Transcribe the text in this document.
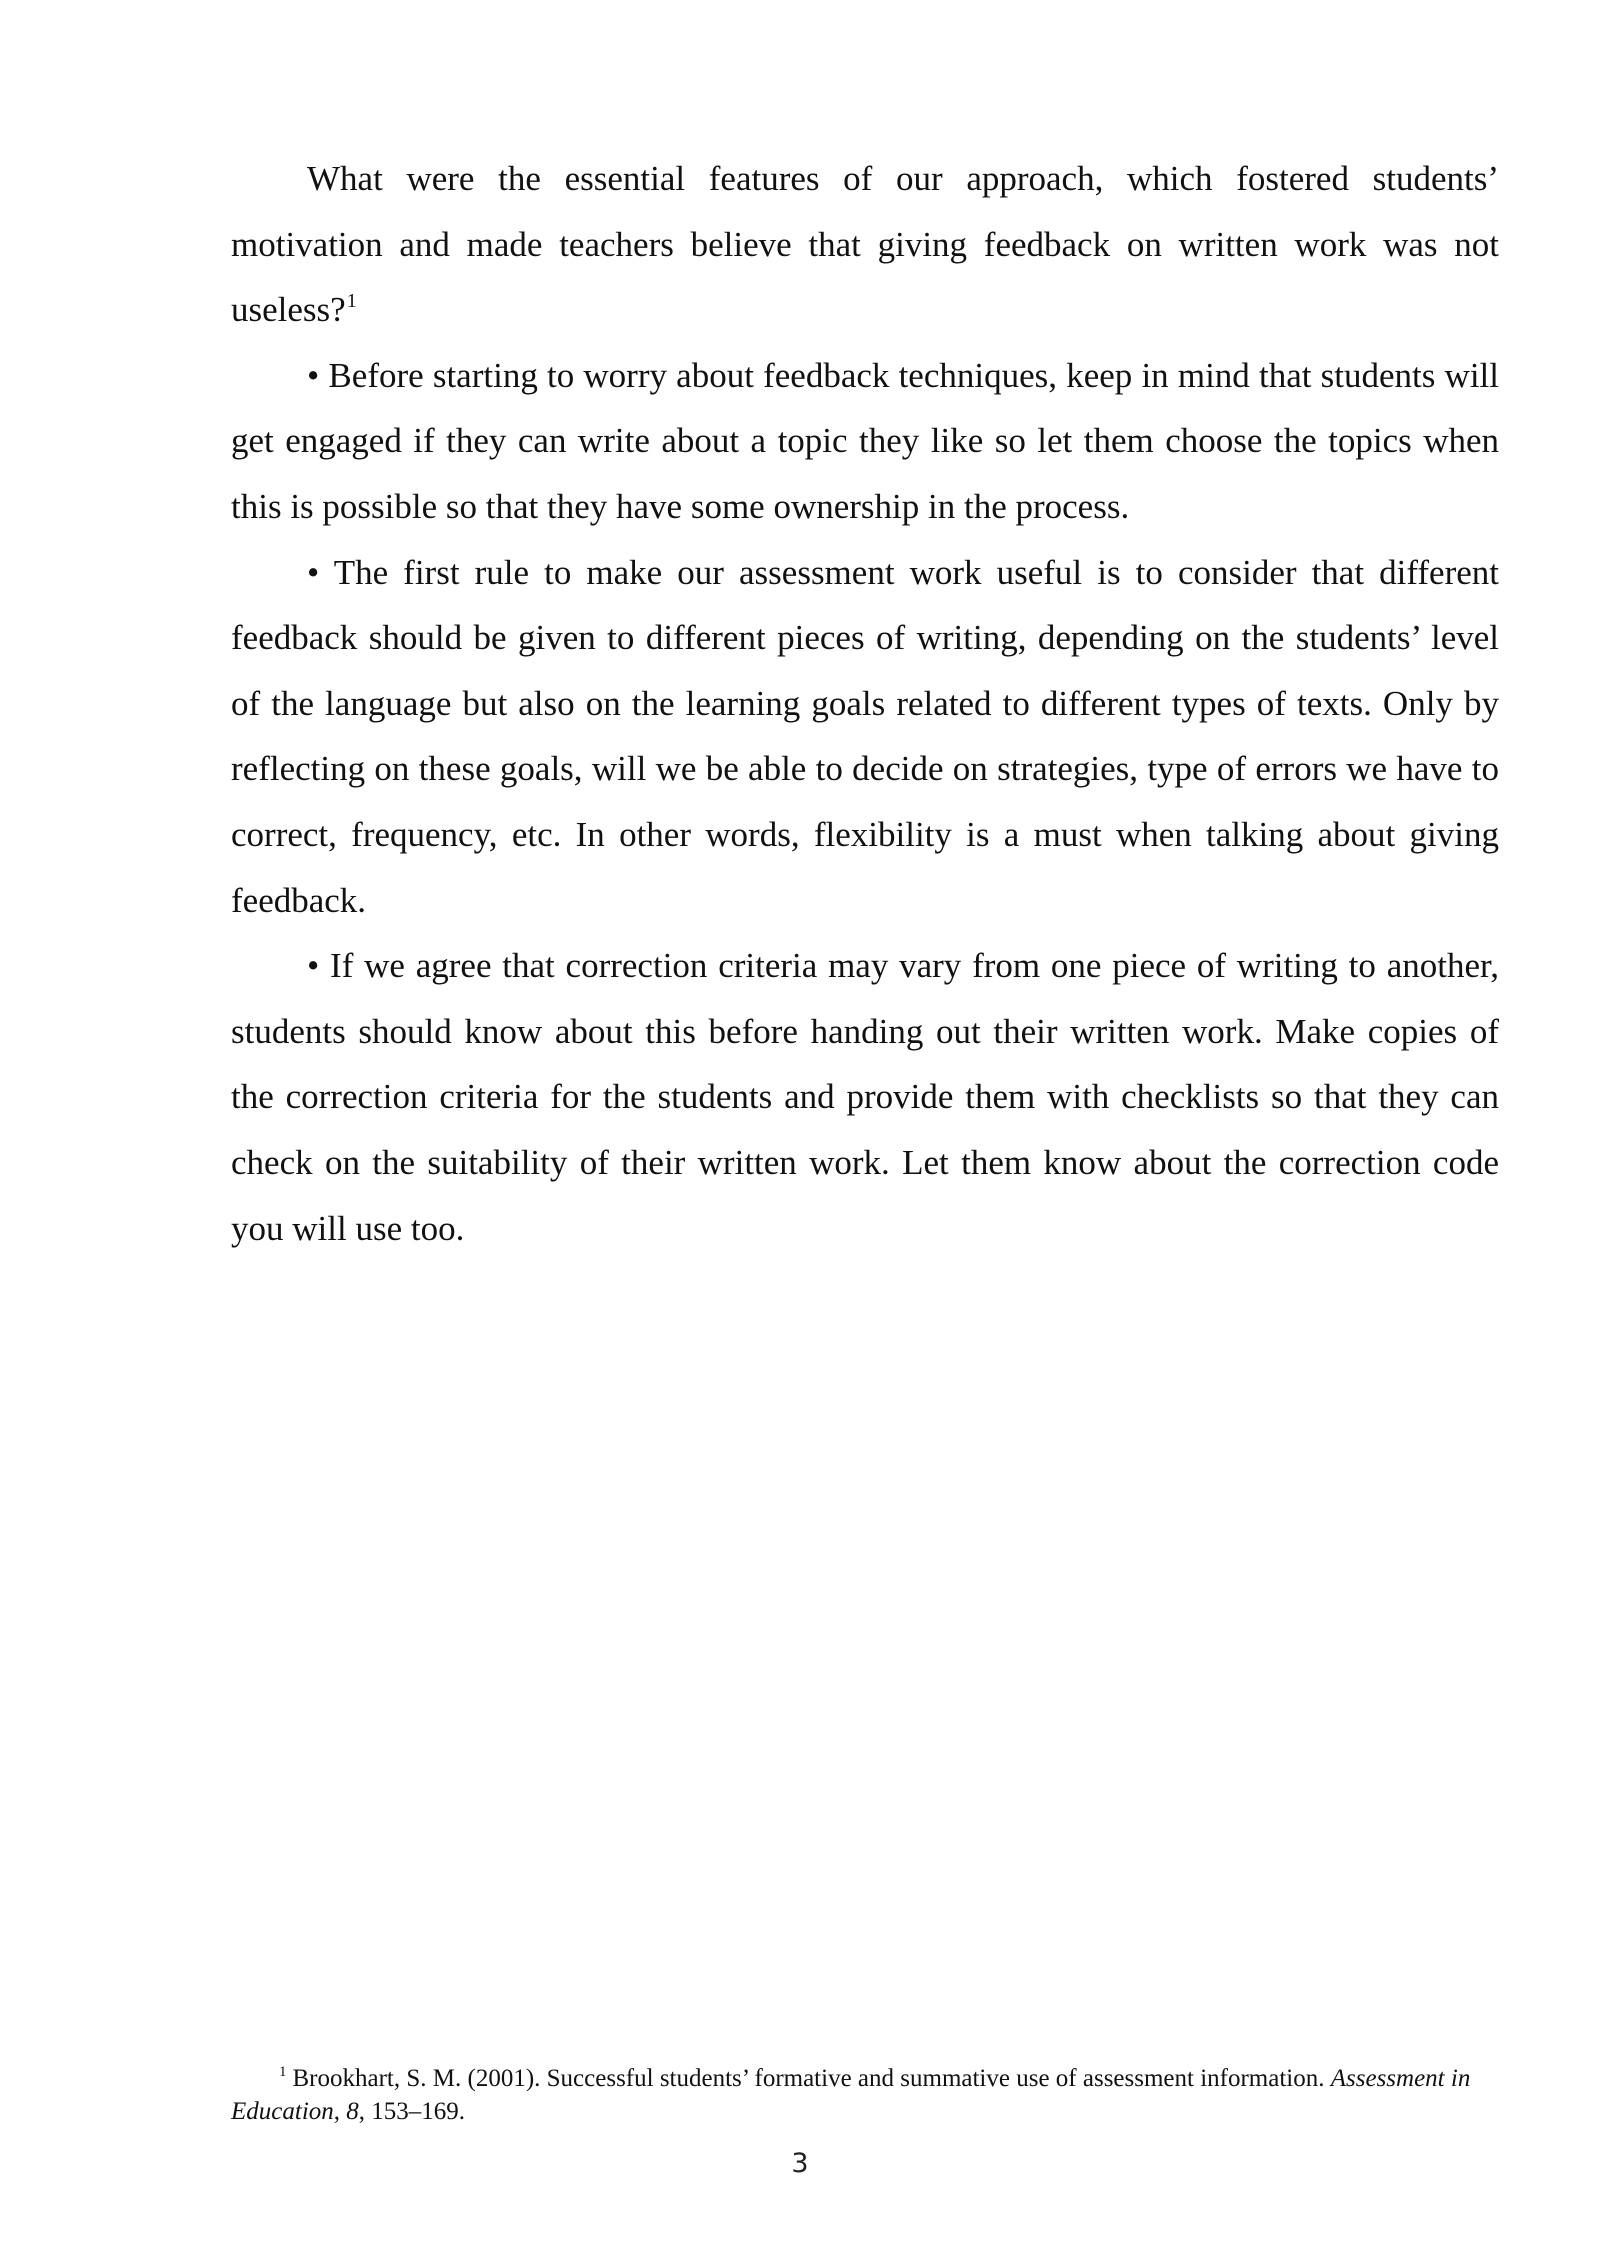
What were the essential features of our approach, which fostered students’ motivation and made teachers believe that giving feedback on written work was not useless?$^1$

• Before starting to worry about feedback techniques, keep in mind that students will get engaged if they can write about a topic they like so let them choose the topics when this is possible so that they have some ownership in the process.

• The first rule to make our assessment work useful is to consider that different feedback should be given to different pieces of writing, depending on the students’ level of the language but also on the learning goals related to different types of texts. Only by reflecting on these goals, will we be able to decide on strategies, type of errors we have to correct, frequency, etc. In other words, flexibility is a must when talking about giving feedback.

• If we agree that correction criteria may vary from one piece of writing to another, students should know about this before handing out their written work. Make copies of the correction criteria for the students and provide them with checklists so that they can check on the suitability of their written work. Let them know about the correction code you will use too.

$^1$ Brookhart, S. M. (2001). Successful students’ formative and summative use of assessment information. Assessment in Education, 8, 153–169.

3
